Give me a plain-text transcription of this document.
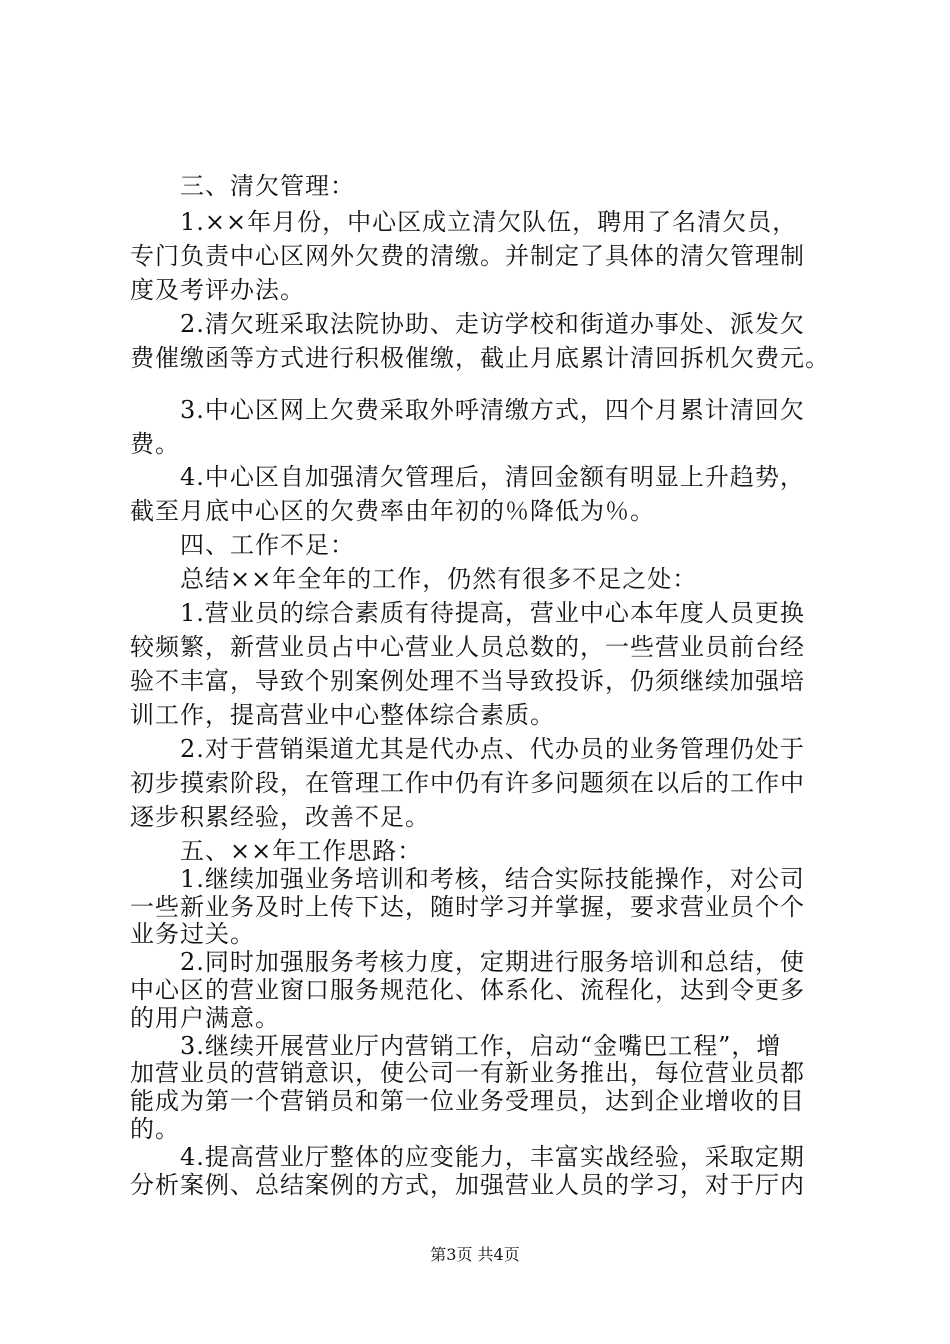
　　三、清欠管理：
　　1.××年月份，中心区成立清欠队伍，聘用了名清欠员，
专门负责中心区网外欠费的清缴。并制定了具体的清欠管理制
度及考评办法。
　　2.清欠班采取法院协助、走访学校和街道办事处、派发欠
费催缴函等方式进行积极催缴，截止月底累计清回拆机欠费元。
　　3.中心区网上欠费采取外呼清缴方式，四个月累计清回欠
费。
　　4.中心区自加强清欠管理后，清回金额有明显上升趋势，
截至月底中心区的欠费率由年初的％降低为％。
　　四、工作不足：
　　总结××年全年的工作，仍然有很多不足之处：
　　1.营业员的综合素质有待提高，营业中心本年度人员更换
较频繁，新营业员占中心营业人员总数的，一些营业员前台经
验不丰富，导致个别案例处理不当导致投诉，仍须继续加强培
训工作，提高营业中心整体综合素质。
　　2.对于营销渠道尤其是代办点、代办员的业务管理仍处于
初步摸索阶段，在管理工作中仍有许多问题须在以后的工作中
逐步积累经验，改善不足。
　　五、××年工作思路：
　　1.继续加强业务培训和考核，结合实际技能操作，对公司
一些新业务及时上传下达，随时学习并掌握，要求营业员个个
业务过关。
　　2.同时加强服务考核力度，定期进行服务培训和总结，使
中心区的营业窗口服务规范化、体系化、流程化，达到令更多
的用户满意。
　　3.继续开展营业厅内营销工作，启动“金嘴巴工程”，增
加营业员的营销意识，使公司一有新业务推出，每位营业员都
能成为第一个营销员和第一位业务受理员，达到企业增收的目
的。
　　4.提高营业厅整体的应变能力，丰富实战经验，采取定期
第3页 共4页
分析案例、总结案例的方式，加强营业人员的学习，对于厅内
